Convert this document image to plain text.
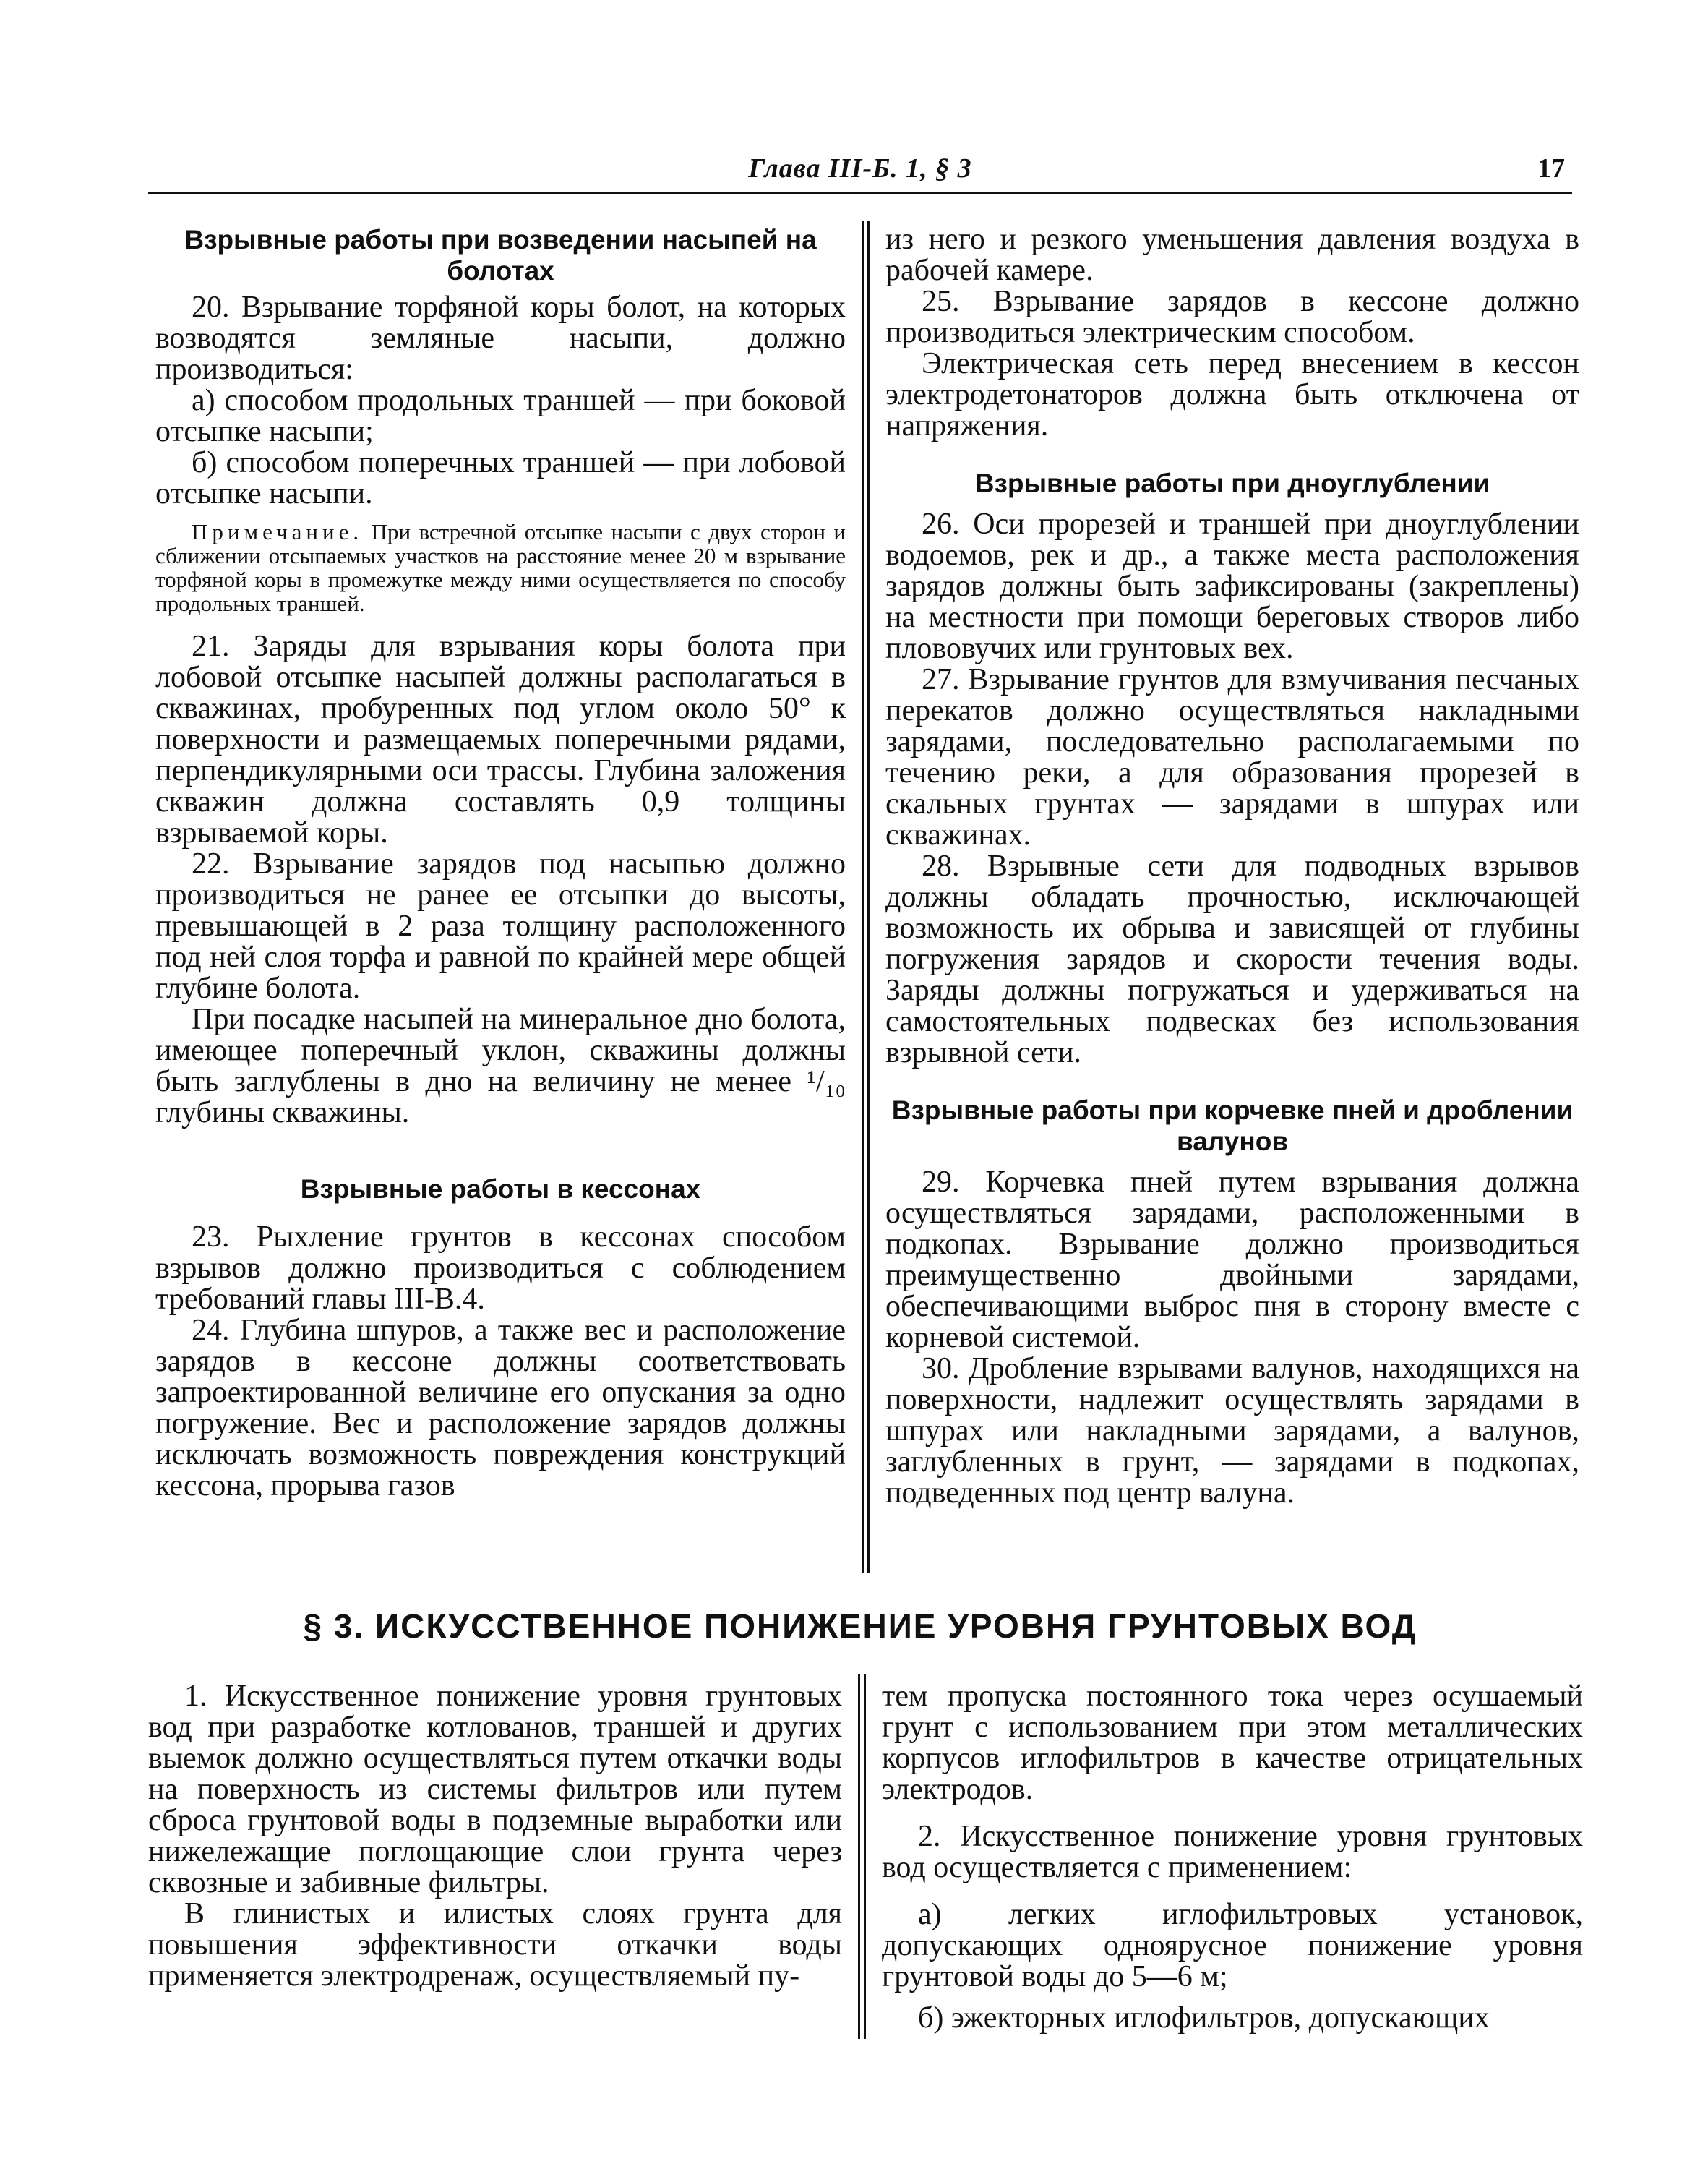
Глава III-Б. 1, § 3	17
Взрывные работы при возведении насыпей на болотах

20. Взрывание торфяной коры болот, на которых возводятся земляные насыпи, должно производиться:

а) способом продольных траншей — при боковой отсыпке насыпи;

б) способом поперечных траншей — при лобовой отсыпке насыпи.

Примечание. При встречной отсыпке насыпи с двух сторон и сближении отсыпаемых участков на расстояние менее 20 м взрывание торфяной коры в промежутке между ними осуществляется по способу продольных траншей.

21. Заряды для взрывания коры болота при лобовой отсыпке насыпей должны располагаться в скважинах, пробуренных под углом около 50° к поверхности и размещаемых поперечными рядами, перпендикулярными оси трассы. Глубина заложения скважин должна составлять 0,9 толщины взрываемой коры.

22. Взрывание зарядов под насыпью должно производиться не ранее ее отсыпки до высоты, превышающей в 2 раза толщину расположенного под ней слоя торфа и равной по крайней мере общей глубине болота.

При посадке насыпей на минеральное дно болота, имеющее поперечный уклон, скважины должны быть заглублены в дно на величину не менее ¹/₁₀ глубины скважины.

Взрывные работы в кессонах

23. Рыхление грунтов в кессонах способом взрывов должно производиться с соблюдением требований главы III-В.4.

24. Глубина шпуров, а также вес и расположение зарядов в кессоне должны соответствовать запроектированной величине его опускания за одно погружение. Вес и расположение зарядов должны исключать возможность повреждения конструкций кессона, прорыва газов

из него и резкого уменьшения давления воздуха в рабочей камере.

25. Взрывание зарядов в кессоне должно производиться электрическим способом.

Электрическая сеть перед внесением в кессон электродетонаторов должна быть отключена от напряжения.

Взрывные работы при дноуглублении

26. Оси прорезей и траншей при дноуглублении водоемов, рек и др., а также места расположения зарядов должны быть зафиксированы (закреплены) на местности при помощи береговых створов либо плововучих или грунтовых вех.

27. Взрывание грунтов для взмучивания песчаных перекатов должно осуществляться накладными зарядами, последовательно располагаемыми по течению реки, а для образования прорезей в скальных грунтах — зарядами в шпурах или скважинах.

28. Взрывные сети для подводных взрывов должны обладать прочностью, исключающей возможность их обрыва и зависящей от глубины погружения зарядов и скорости течения воды. Заряды должны погружаться и удерживаться на самостоятельных подвесках без использования взрывной сети.

Взрывные работы при корчевке пней и дроблении валунов

29. Корчевка пней путем взрывания должна осуществляться зарядами, расположенными в подкопах. Взрывание должно производиться преимущественно двойными зарядами, обеспечивающими выброс пня в сторону вместе с корневой системой.

30. Дробление взрывами валунов, находящихся на поверхности, надлежит осуществлять зарядами в шпурах или накладными зарядами, а валунов, заглубленных в грунт, — зарядами в подкопах, подведенных под центр валуна.

§ 3. ИСКУССТВЕННОЕ ПОНИЖЕНИЕ УРОВНЯ ГРУНТОВЫХ ВОД

1. Искусственное понижение уровня грунтовых вод при разработке котлованов, траншей и других выемок должно осуществляться путем откачки воды на поверхность из системы фильтров или путем сброса грунтовой воды в подземные выработки или нижележащие поглощающие слои грунта через сквозные и забивные фильтры.

В глинистых и илистых слоях грунта для повышения эффективности откачки воды применяется электродренаж, осуществляемый пу-

тем пропуска постоянного тока через осушаемый грунт с использованием при этом металлических корпусов иглофильтров в качестве отрицательных электродов.

2. Искусственное понижение уровня грунтовых вод осуществляется с применением:

а) легких иглофильтровых установок, допускающих одноярусное понижение уровня грунтовой воды до 5—6 м;

б) эжекторных иглофильтров, допускающих
